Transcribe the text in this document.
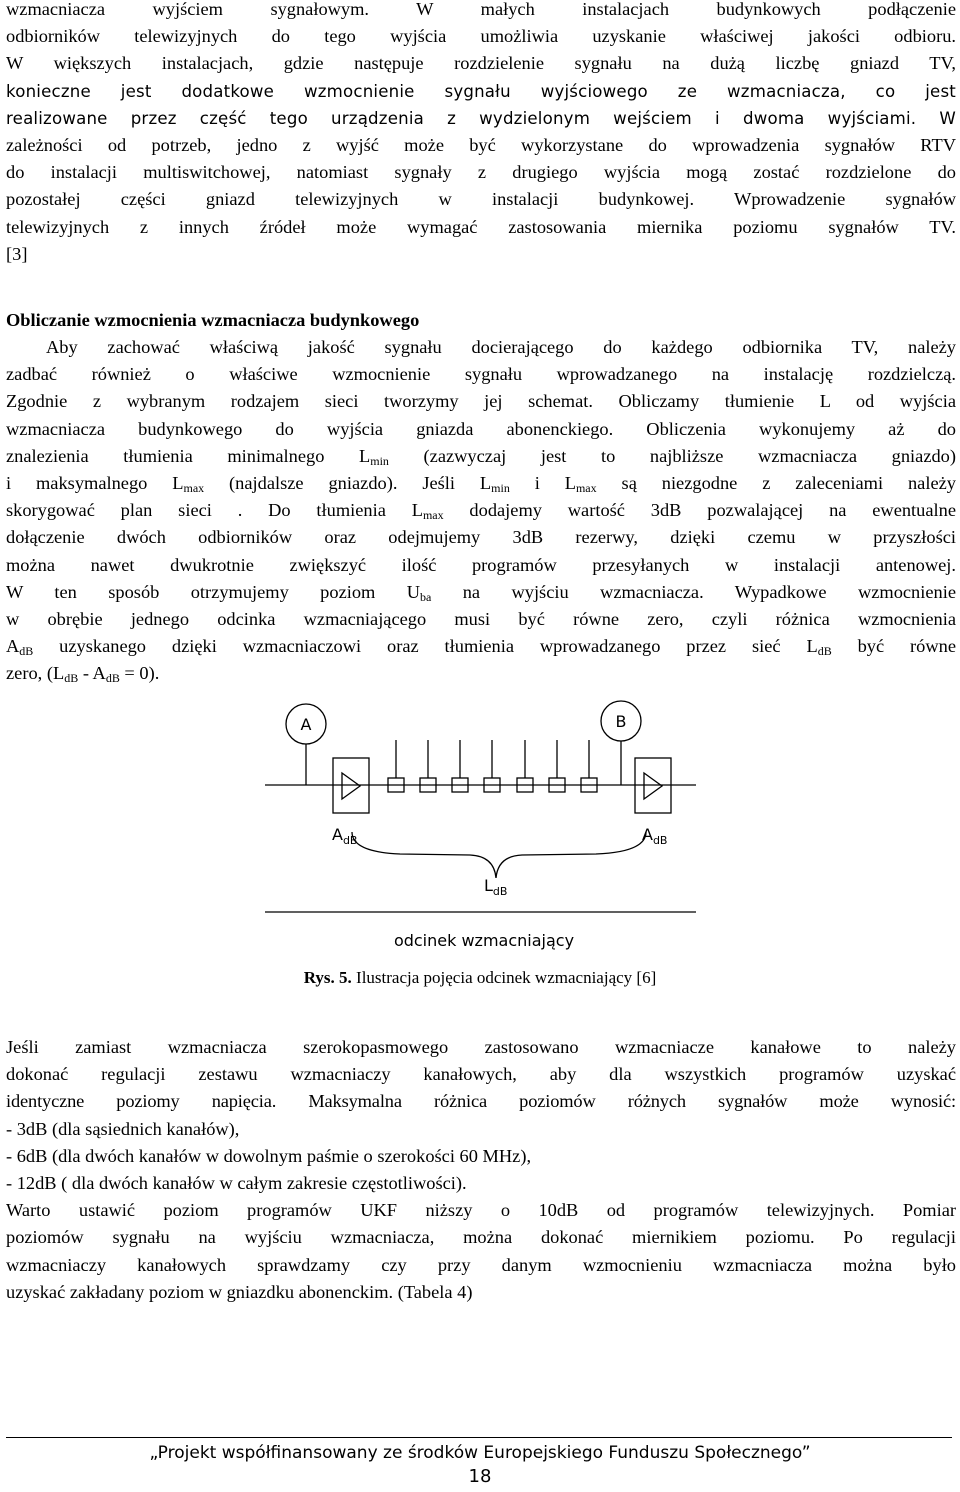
wzmacniacza wyjściem sygnałowym. W małych instalacjach budynkowych podłączenie
odbiorników telewizyjnych do tego wyjścia umożliwia uzyskanie właściwej jakości odbioru.
W większych instalacjach, gdzie następuje rozdzielenie sygnału na dużą liczbę gniazd TV,
konieczne jest dodatkowe wzmocnienie sygnału wyjściowego ze wzmacniacza, co jest
realizowane przez część tego urządzenia z wydzielonym wejściem i dwoma wyjściami. W
zależności od potrzeb, jedno z wyjść może być wykorzystane do wprowadzenia sygnałów RTV
do instalacji multiswitchowej, natomiast sygnały z drugiego wyjścia mogą zostać rozdzielone do
pozostałej części gniazd telewizyjnych w instalacji budynkowej. Wprowadzenie sygnałów
telewizyjnych z innych źródeł może wymagać zastosowania miernika poziomu sygnałów TV.
[3]
Obliczanie wzmocnienia wzmacniacza budynkowego
Aby zachować właściwą jakość sygnału docierającego do każdego odbiornika TV, należy
zadbać również o właściwe wzmocnienie sygnału wprowadzanego na instalację rozdzielczą.
Zgodnie z wybranym rodzajem sieci tworzymy jej schemat. Obliczamy tłumienie L od wyjścia
wzmacniacza budynkowego do wyjścia gniazda abonenckiego. Obliczenia wykonujemy aż do
znalezienia tłumienia minimalnego $L_{min}$ (zazwyczaj jest to najbliższe wzmacniacza gniazdo)
i maksymalnego $L_{max}$ (najdalsze gniazdo). Jeśli $L_{min}$ i $L_{max}$ są niezgodne z zaleceniami należy
skorygować plan sieci . Do tłumienia $L_{max}$ dodajemy wartość 3dB pozwalającej na ewentualne
dołączenie dwóch odbiorników oraz odejmujemy 3dB rezerwy, dzięki czemu w przyszłości
można nawet dwukrotnie zwiększyć ilość programów przesyłanych w instalacji antenowej.
W ten sposób otrzymujemy poziom $U_{ba}$ na wyjściu wzmacniacza. Wypadkowe wzmocnienie
w obrębie jednego odcinka wzmacniającego musi być równe zero, czyli różnica wzmocnienia
$A_{dB}$ uzyskanego dzięki wzmacniaczowi oraz tłumienia wprowadzanego przez sieć $L_{dB}$ być równe
zero, $(L_{dB} - A_{dB} = 0)$.
A	B
$A_{dB}$	$A_{dB}$
$L_{dB}$
odcinek wzmacniający
Rys. 5. Ilustracja pojęcia odcinek wzmacniający [6]
Jeśli zamiast wzmacniacza szerokopasmowego zastosowano wzmacniacze kanałowe to należy
dokonać regulacji zestawu wzmacniaczy kanałowych, aby dla wszystkich programów uzyskać
identyczne poziomy napięcia. Maksymalna różnica poziomów różnych sygnałów może wynosić:
- 3dB (dla sąsiednich kanałów),
- 6dB (dla dwóch kanałów w dowolnym paśmie o szerokości 60 MHz),
- 12dB ( dla dwóch kanałów w całym zakresie częstotliwości).
Warto ustawić poziom programów UKF niższy o 10dB od programów telewizyjnych. Pomiar
poziomów sygnału na wyjściu wzmacniacza, można dokonać miernikiem poziomu. Po regulacji
wzmacniaczy kanałowych sprawdzamy czy przy danym wzmocnieniu wzmacniacza można było
uzyskać zakładany poziom w gniazdku abonenckim. (Tabela 4)
„Projekt współfinansowany ze środków Europejskiego Funduszu Społecznego”
18
